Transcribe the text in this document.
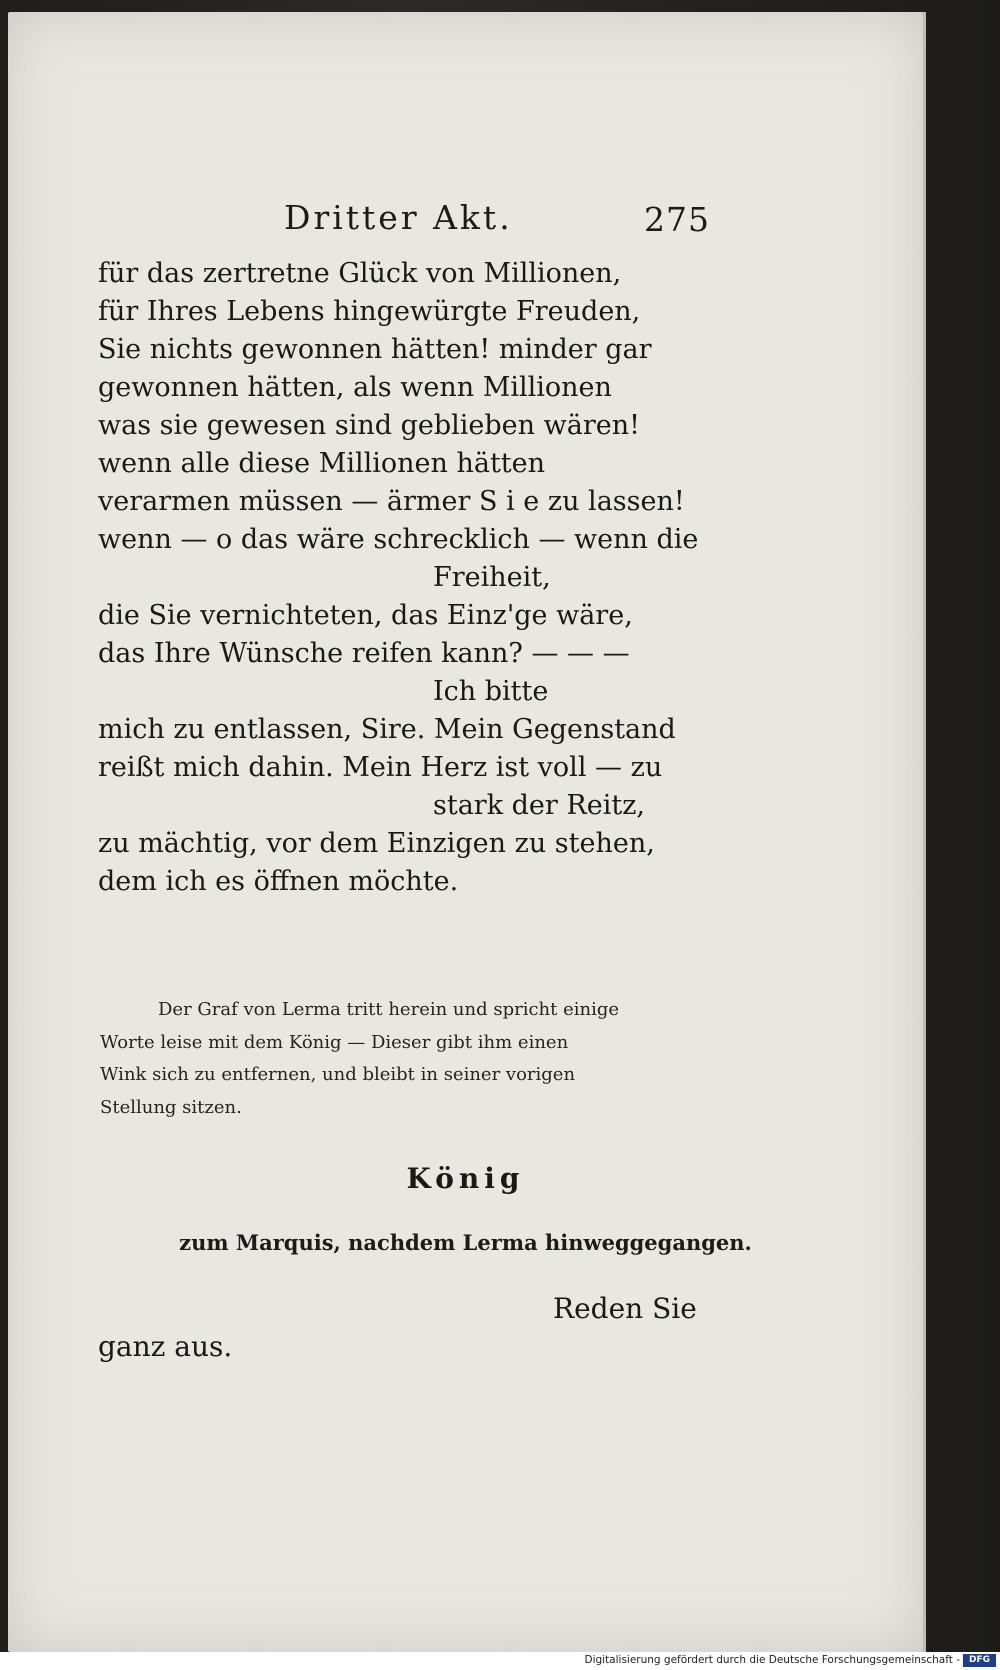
Dritter Akt.	275
für das zertretne Glück von Millionen,
für Ihres Lebens hingewürgte Freuden,
Sie nichts gewonnen hätten! minder gar
gewonnen hätten, als wenn Millionen
was sie gewesen sind geblieben wären!
wenn alle diese Millionen hätten
verarmen müssen — ärmer S i e zu lassen!
wenn — o das wäre schrecklich — wenn die
Freiheit,
die Sie vernichteten, das Einz'ge wäre,
das Ihre Wünsche reifen kann? — — —
Ich bitte
mich zu entlassen, Sire. Mein Gegenstand
reißt mich dahin. Mein Herz ist voll — zu
stark der Reitz,
zu mächtig, vor dem Einzigen zu stehen,
dem ich es öffnen möchte.
Der Graf von Lerma tritt herein und spricht einige
Worte leise mit dem König — Dieser gibt ihm einen
Wink sich zu entfernen, und bleibt in seiner vorigen
Stellung sitzen.
König
zum Marquis, nachdem Lerma hinweggegangen.
Reden Sie
ganz aus.
Digitalisierung gefördert durch die Deutsche Forschungsgemeinschaft - DFG
